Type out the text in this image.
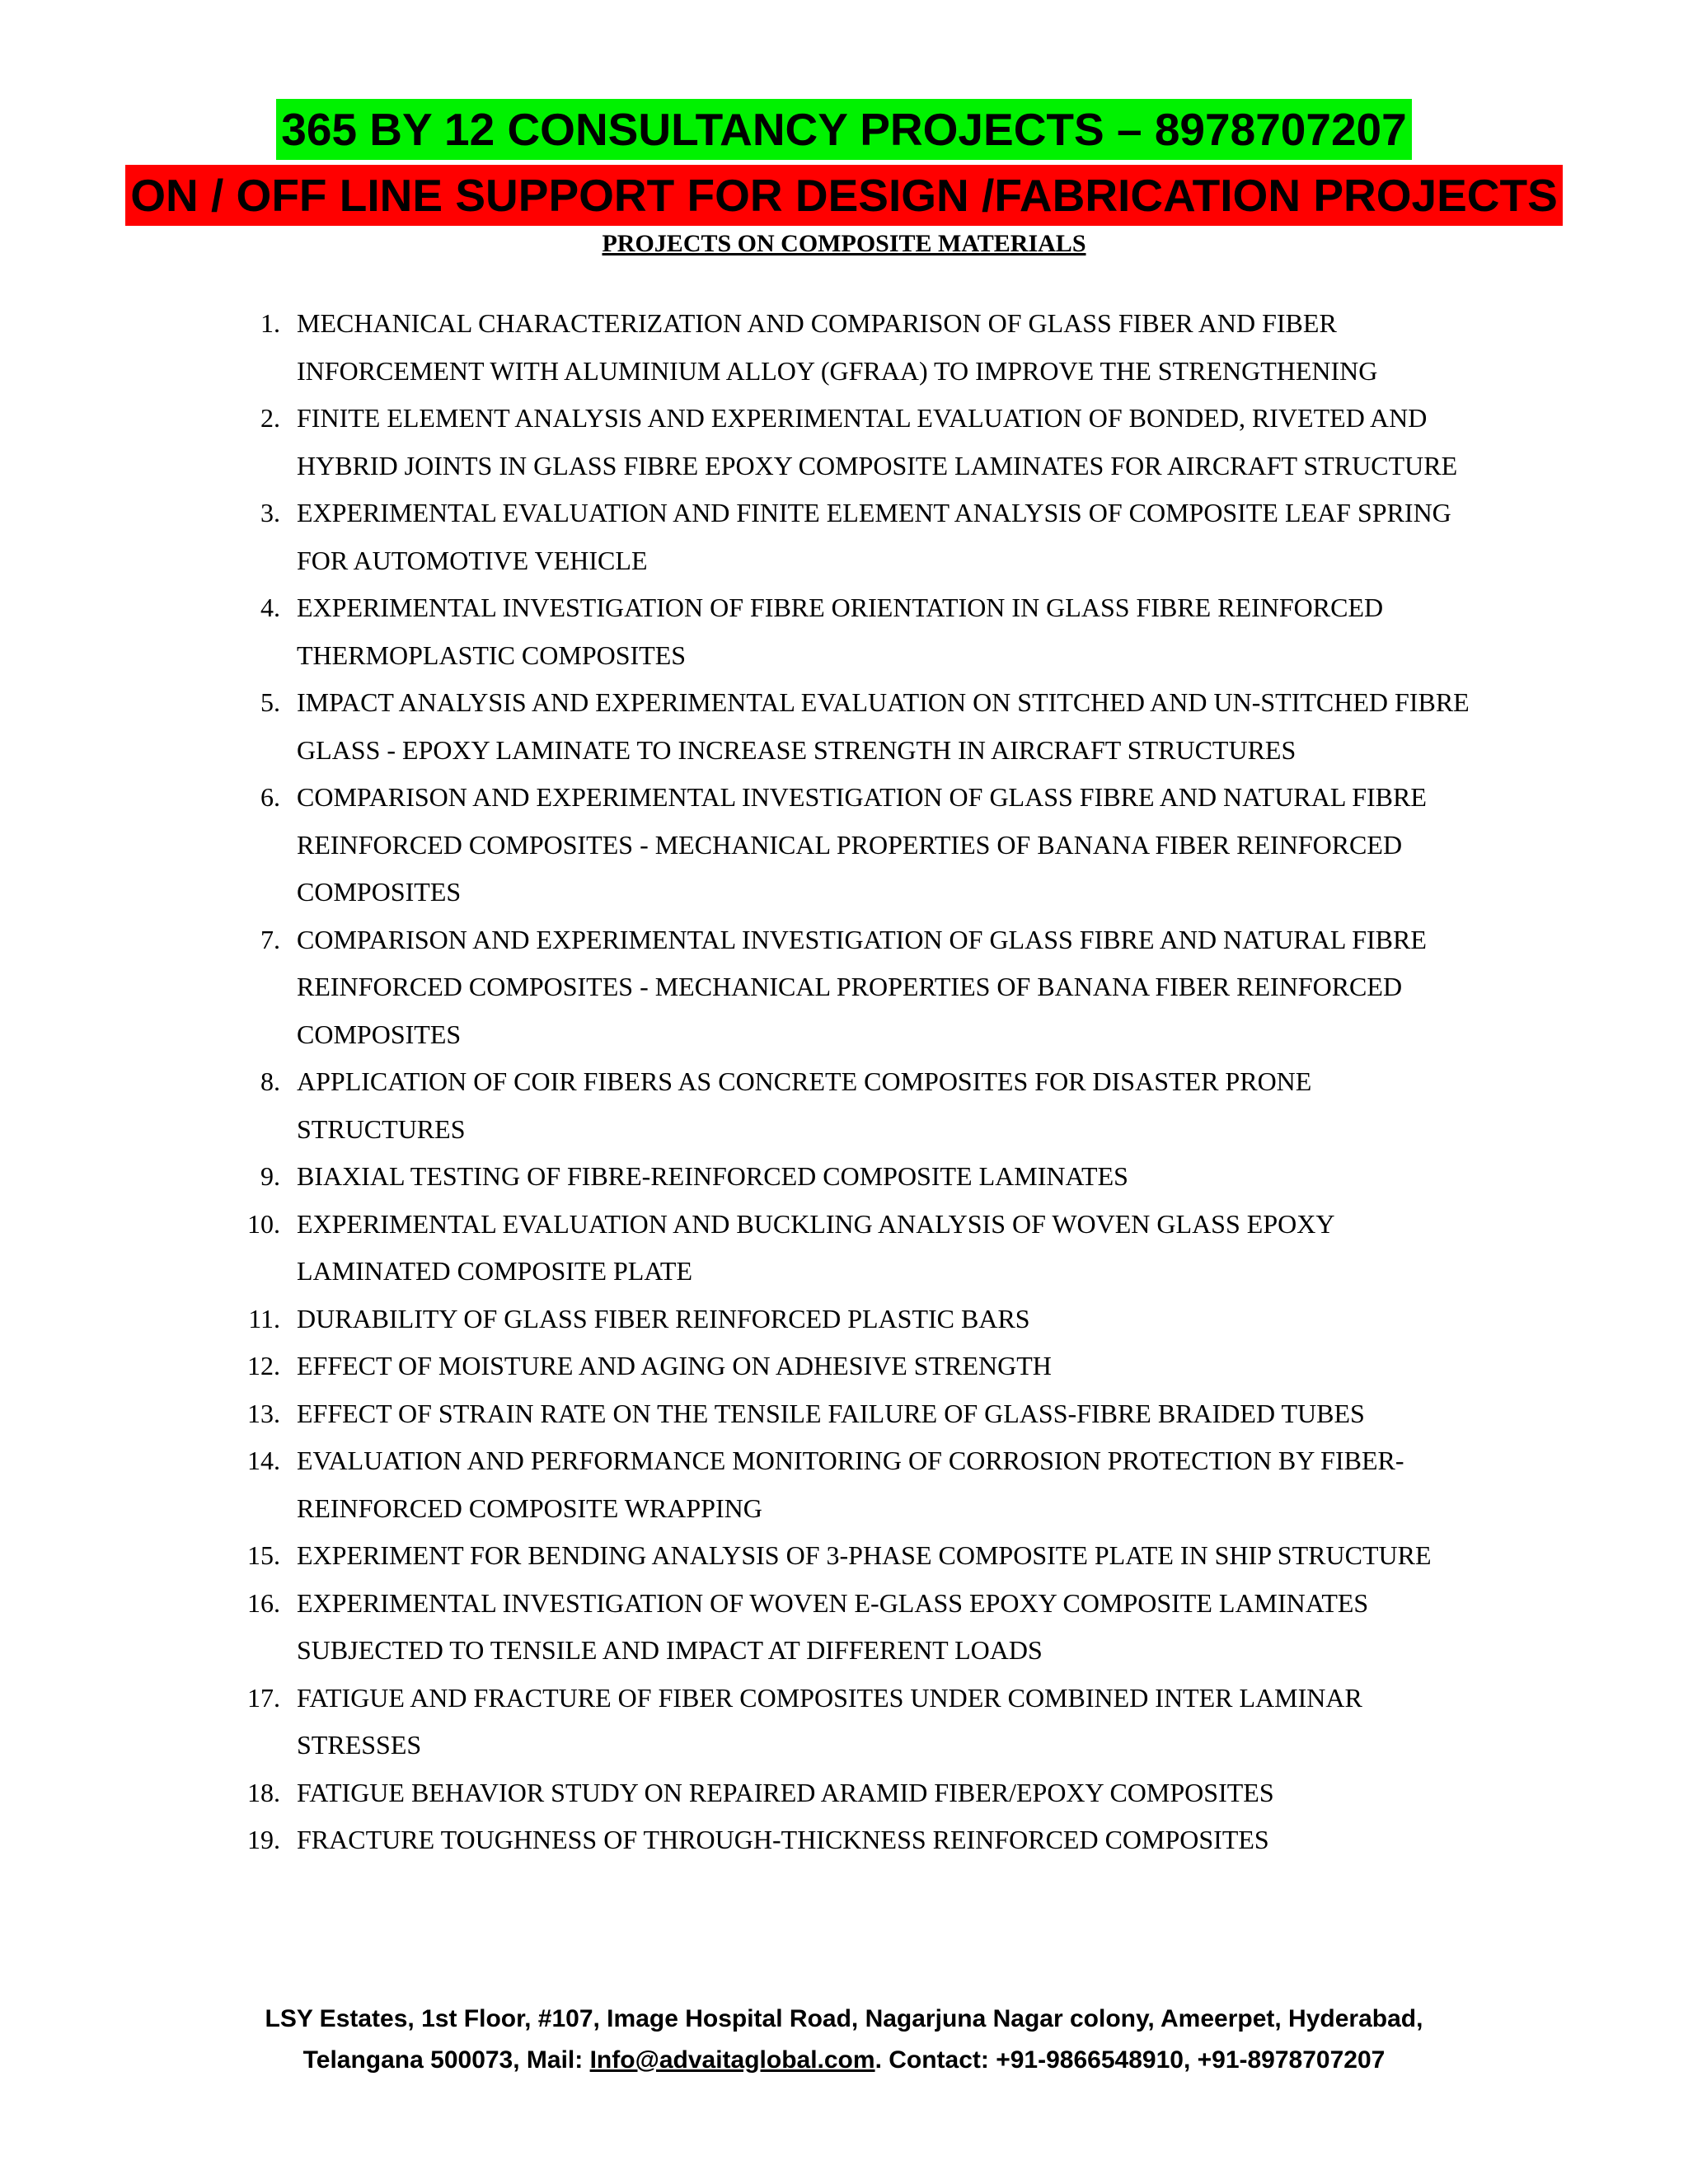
365 BY 12 CONSULTANCY PROJECTS – 8978707207
ON / OFF LINE SUPPORT FOR DESIGN /FABRICATION PROJECTS
PROJECTS ON COMPOSITE MATERIALS
1. MECHANICAL CHARACTERIZATION AND COMPARISON OF GLASS FIBER AND FIBER INFORCEMENT WITH ALUMINIUM ALLOY (GFRAA) TO IMPROVE THE STRENGTHENING
2. FINITE ELEMENT ANALYSIS AND EXPERIMENTAL EVALUATION OF BONDED, RIVETED AND HYBRID JOINTS IN GLASS FIBRE EPOXY COMPOSITE LAMINATES FOR AIRCRAFT STRUCTURE
3. EXPERIMENTAL EVALUATION AND FINITE ELEMENT ANALYSIS OF COMPOSITE LEAF SPRING FOR AUTOMOTIVE VEHICLE
4. EXPERIMENTAL INVESTIGATION OF FIBRE ORIENTATION IN GLASS FIBRE REINFORCED THERMOPLASTIC COMPOSITES
5. IMPACT ANALYSIS AND EXPERIMENTAL EVALUATION ON STITCHED AND UN-STITCHED FIBRE GLASS - EPOXY LAMINATE TO INCREASE STRENGTH IN AIRCRAFT STRUCTURES
6. COMPARISON AND EXPERIMENTAL INVESTIGATION OF GLASS FIBRE AND NATURAL FIBRE REINFORCED COMPOSITES - MECHANICAL PROPERTIES OF BANANA FIBER REINFORCED COMPOSITES
7. COMPARISON AND EXPERIMENTAL INVESTIGATION OF GLASS FIBRE AND NATURAL FIBRE REINFORCED COMPOSITES - MECHANICAL PROPERTIES OF BANANA FIBER REINFORCED COMPOSITES
8. APPLICATION OF COIR FIBERS AS CONCRETE COMPOSITES FOR DISASTER PRONE STRUCTURES
9. BIAXIAL TESTING OF FIBRE-REINFORCED COMPOSITE LAMINATES
10. EXPERIMENTAL EVALUATION AND BUCKLING ANALYSIS OF WOVEN GLASS EPOXY LAMINATED COMPOSITE PLATE
11. DURABILITY OF GLASS FIBER REINFORCED PLASTIC BARS
12. EFFECT OF MOISTURE AND AGING ON ADHESIVE STRENGTH
13. EFFECT OF STRAIN RATE ON THE TENSILE FAILURE OF GLASS-FIBRE BRAIDED TUBES
14. EVALUATION AND PERFORMANCE MONITORING OF CORROSION PROTECTION BY FIBER-REINFORCED COMPOSITE WRAPPING
15. EXPERIMENT FOR BENDING ANALYSIS OF 3-PHASE COMPOSITE PLATE IN SHIP STRUCTURE
16. EXPERIMENTAL INVESTIGATION OF WOVEN E-GLASS EPOXY COMPOSITE LAMINATES SUBJECTED TO TENSILE AND IMPACT AT DIFFERENT LOADS
17. FATIGUE AND FRACTURE OF FIBER COMPOSITES UNDER COMBINED INTER LAMINAR STRESSES
18. FATIGUE BEHAVIOR STUDY ON REPAIRED ARAMID FIBER/EPOXY COMPOSITES
19. FRACTURE TOUGHNESS OF THROUGH-THICKNESS REINFORCED COMPOSITES
LSY Estates, 1st Floor, #107, Image Hospital Road, Nagarjuna Nagar colony, Ameerpet, Hyderabad,
Telangana 500073, Mail: Info@advaitaglobal.com. Contact: +91-9866548910, +91-8978707207
